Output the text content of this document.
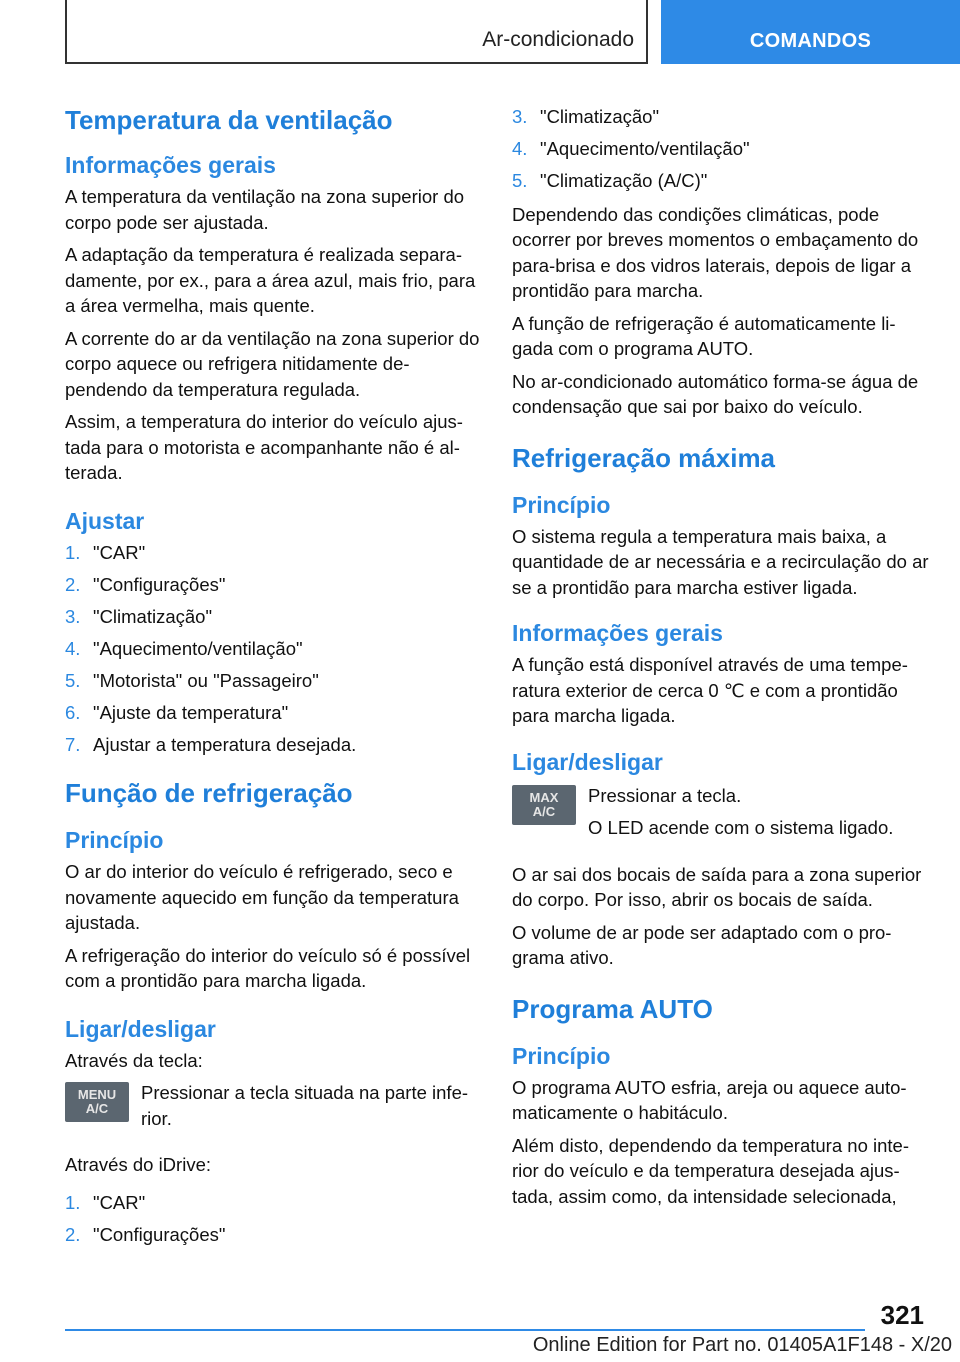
Ar-condicionado	COMANDOS
Temperatura da ventilação
Informações gerais

A temperatura da ventilação na zona superior do corpo pode ser ajustada.

A adaptação da temperatura é realizada separa-damente, por ex., para a área azul, mais frio, para a área vermelha, mais quente.

A corrente do ar da ventilação na zona superior do corpo aquece ou refrigera nitidamente de-pendendo da temperatura regulada.

Assim, a temperatura do interior do veículo ajus-tada para o motorista e acompanhante não é al-terada.

Ajustar
1. "CAR"
2. "Configurações"
3. "Climatização"
4. "Aquecimento/ventilação"
5. "Motorista" ou "Passageiro"
6. "Ajuste da temperatura"
7. Ajustar a temperatura desejada.
Função de refrigeração
Princípio

O ar do interior do veículo é refrigerado, seco e novamente aquecido em função da temperatura ajustada.

A refrigeração do interior do veículo só é possível com a prontidão para marcha ligada.

Ligar/desligar

Através da tecla:

MENU
A/C

Pressionar a tecla situada na parte infe-rior.

Através do iDrive:

1. "CAR"
2. "Configurações"
3. "Climatização"
4. "Aquecimento/ventilação"
5. "Climatização (A/C)"

Dependendo das condições climáticas, pode ocorrer por breves momentos o embaçamento do para-brisa e dos vidros laterais, depois de ligar a prontidão para marcha.

A função de refrigeração é automaticamente li-gada com o programa AUTO.

No ar-condicionado automático forma-se água de condensação que sai por baixo do veículo.

Refrigeração máxima
Princípio

O sistema regula a temperatura mais baixa, a quantidade de ar necessária e a recirculação do ar se a prontidão para marcha estiver ligada.

Informações gerais

A função está disponível através de uma tempe-ratura exterior de cerca 0 ℃ e com a prontidão para marcha ligada.

Ligar/desligar
MAX
A/C

Pressionar a tecla.

O LED acende com o sistema ligado.

O ar sai dos bocais de saída para a zona superior do corpo. Por isso, abrir os bocais de saída.

O volume de ar pode ser adaptado com o pro-grama ativo.

Programa AUTO
Princípio

O programa AUTO esfria, areja ou aquece auto-maticamente o habitáculo.

Além disto, dependendo da temperatura no inte-rior do veículo e da temperatura desejada ajus-tada, assim como, da intensidade selecionada,

321
Online Edition for Part no. 01405A1F148 - X/20
